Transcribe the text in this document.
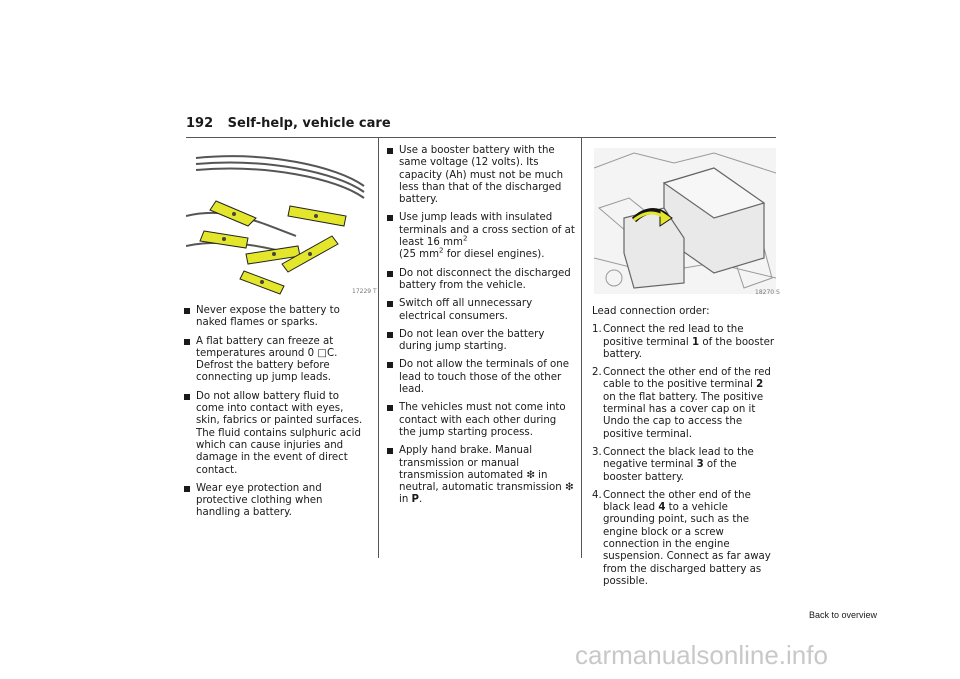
192 Self-help, vehicle care
17229 T	18270 S
Never expose the battery to naked flames or sparks.
A flat battery can freeze at temperatures around 0 □C. Defrost the battery before connecting up jump leads.
Do not allow battery fluid to come into contact with eyes, skin, fabrics or painted surfaces. The fluid contains sulphuric acid which can cause injuries and damage in the event of direct contact.
Wear eye protection and protective clothing when handling a battery.
Use a booster battery with the same voltage (12 volts). Its capacity (Ah) must not be much less than that of the discharged battery.
Use jump leads with insulated terminals and a cross section of at least 16 $mm^2$
(25 $mm^2$ for diesel engines).
Do not disconnect the discharged battery from the vehicle.
Switch off all unnecessary electrical consumers.
Do not lean over the battery during jump starting.
Do not allow the terminals of one lead to touch those of the other lead.
The vehicles must not come into contact with each other during the jump starting process.
Apply hand brake. Manual transmission or manual transmission automated ❇ in neutral, automatic transmission ❇ in P.
Lead connection order:
1. Connect the red lead to the positive terminal 1 of the booster battery.
2. Connect the other end of the red cable to the positive terminal 2 on the flat battery. The positive terminal has a cover cap on it Undo the cap to access the positive terminal.
3. Connect the black lead to the negative terminal 3 of the booster battery.
4. Connect the other end of the black lead 4 to a vehicle grounding point, such as the engine block or a screw connection in the engine suspension. Connect as far away from the discharged battery as possible.
Back to overview
carmanualsonline.info
